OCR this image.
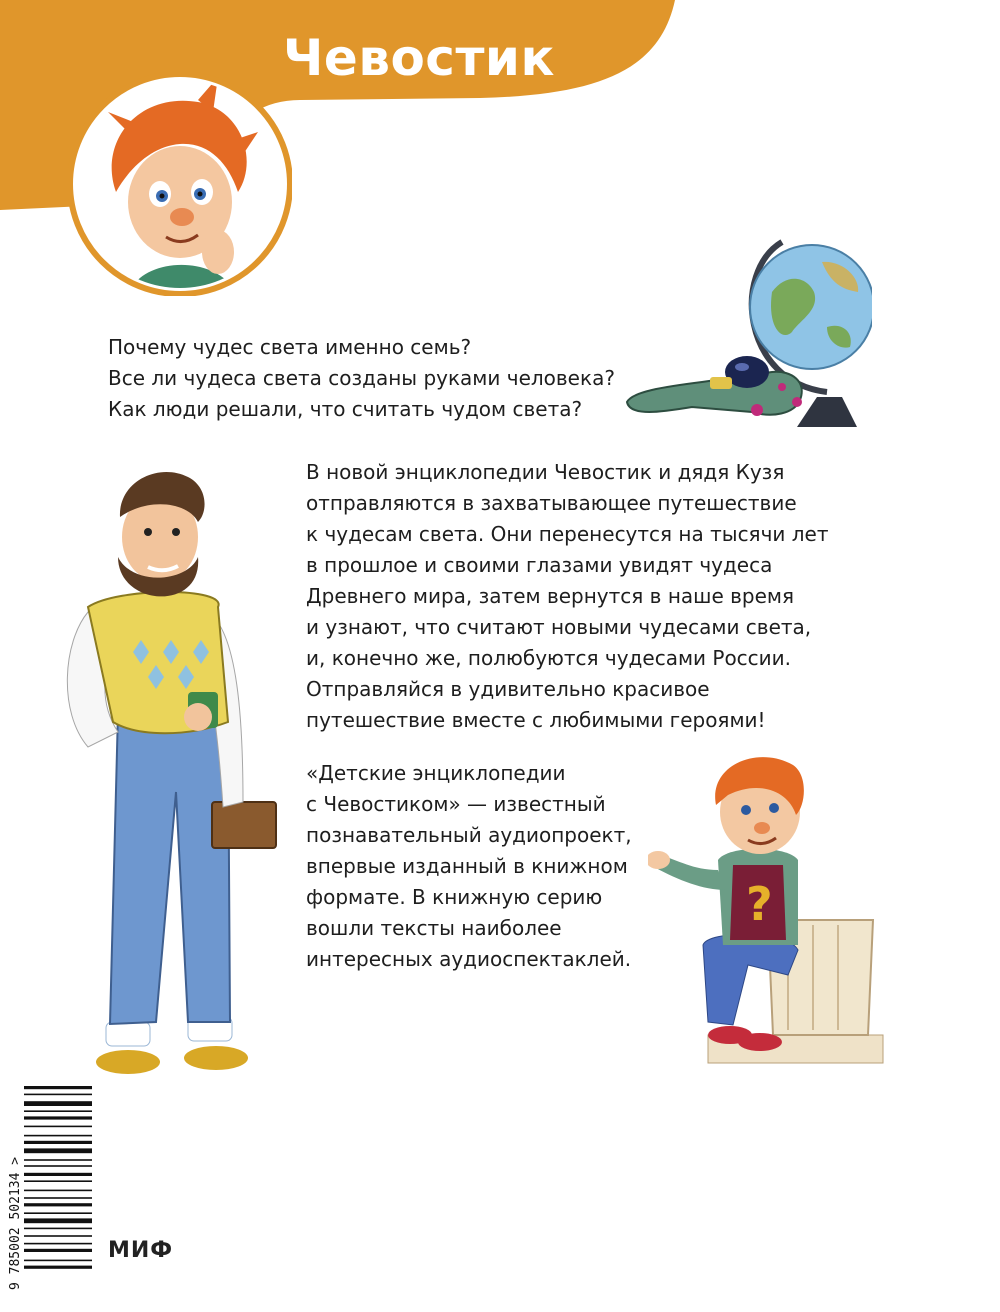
Чевостик
Почему чудес света именно семь?
Все ли чудеса света созданы руками человека?
Как люди решали, что считать чудом света?
В новой энциклопедии Чевостик и дядя Кузя
отправляются в захватывающее путешествие
к чудесам света. Они перенесутся на тысячи лет
в прошлое и своими глазами увидят чудеса
Древнего мира, затем вернутся в наше время
и узнают, что считают новыми чудесами света,
и, конечно же, полюбуются чудесами России.
Отправляйся в удивительно красивое
путешествие вместе с любимыми героями!
«Детские энциклопедии
с Чевостиком» — известный
познавательный аудиопроект,
впервые изданный в книжном
формате. В книжную серию
вошли тексты наиболее
интересных аудиоспектаклей.
?
9 785002 502134 >	МИФ
